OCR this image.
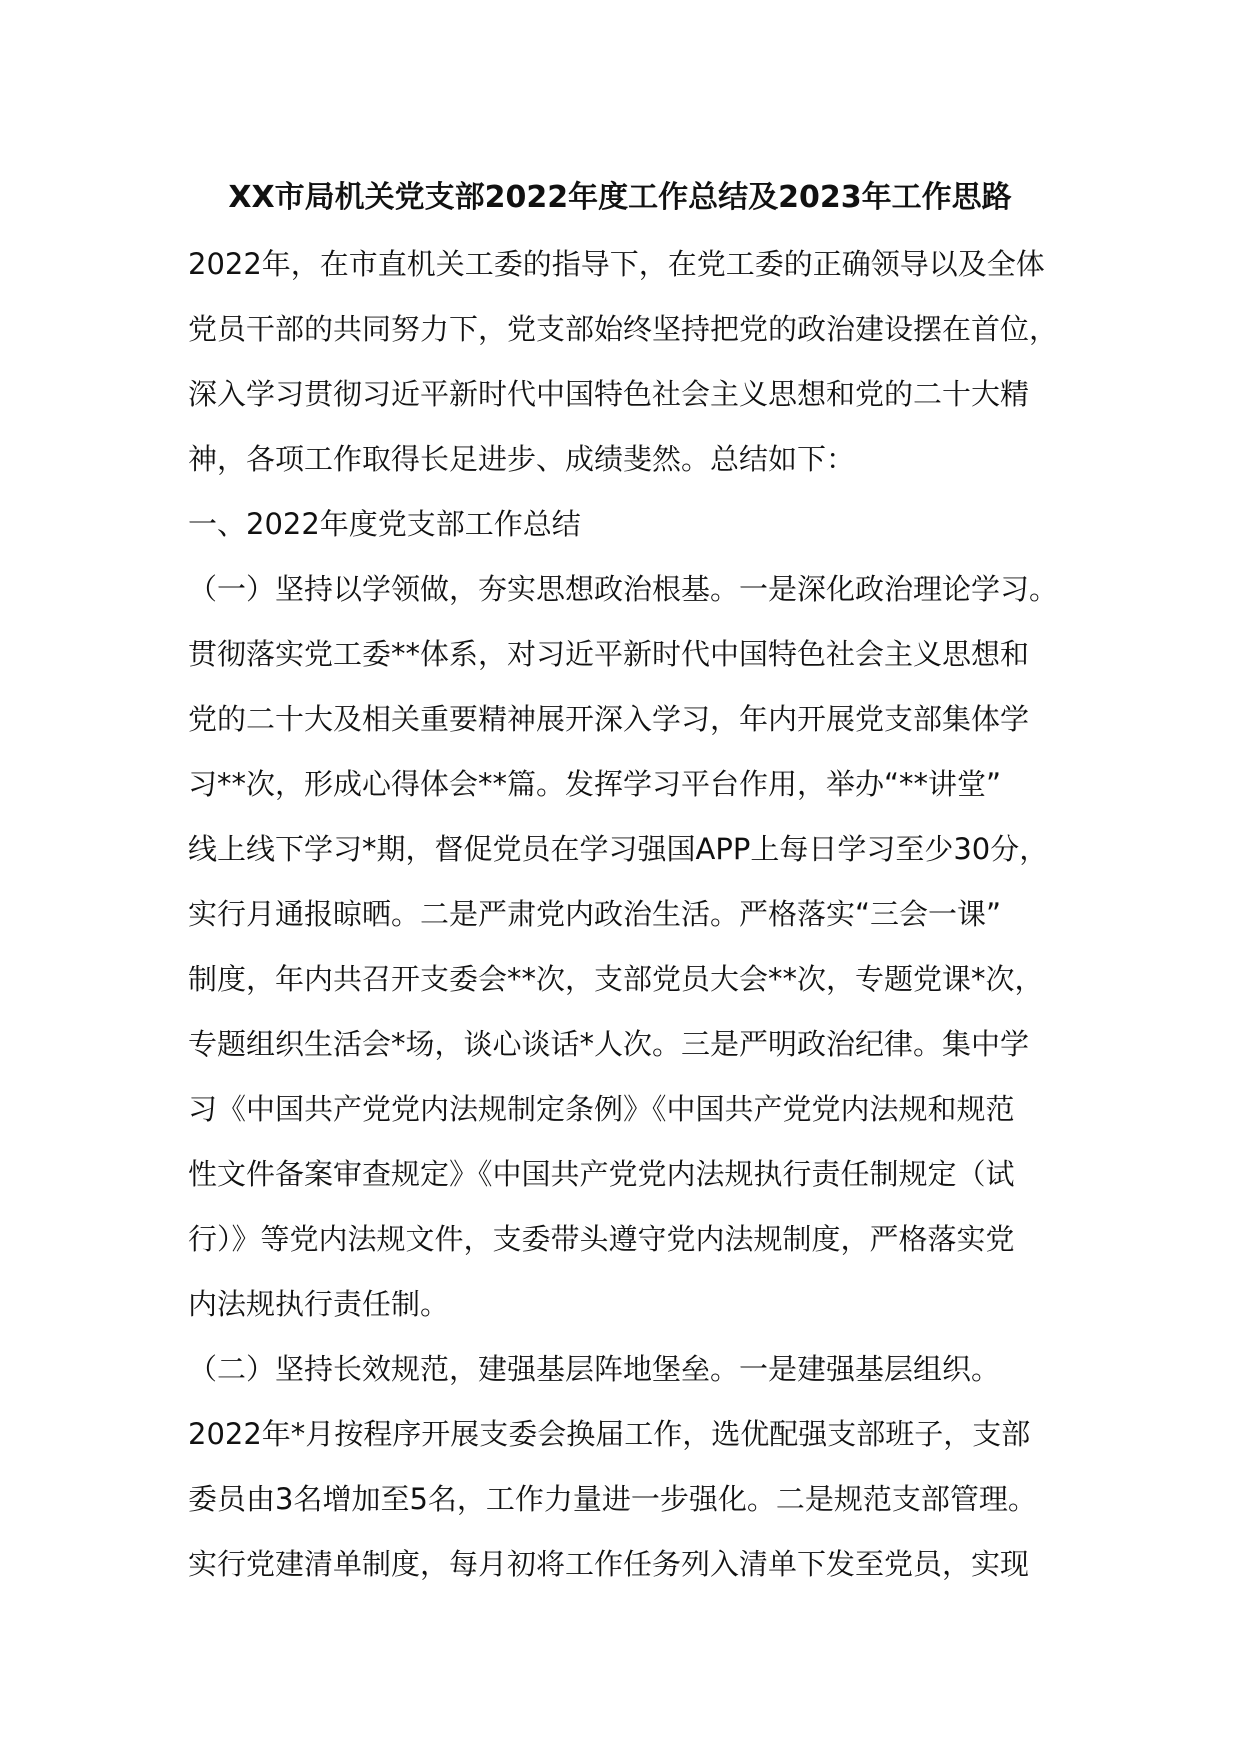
XX市局机关党支部2022年度工作总结及2023年工作思路
2022年，在市直机关工委的指导下，在党工委的正确领导以及全体
党员干部的共同努力下，党支部始终坚持把党的政治建设摆在首位，
深入学习贯彻习近平新时代中国特色社会主义思想和党的二十大精
神，各项工作取得长足进步、成绩斐然。总结如下：
一、2022年度党支部工作总结
（一）坚持以学领做，夯实思想政治根基。一是深化政治理论学习。
贯彻落实党工委**体系，对习近平新时代中国特色社会主义思想和
党的二十大及相关重要精神展开深入学习，年内开展党支部集体学
习**次，形成心得体会**篇。发挥学习平台作用，举办“**讲堂”
线上线下学习*期，督促党员在学习强国APP上每日学习至少30分，
实行月通报晾晒。二是严肃党内政治生活。严格落实“三会一课”
制度，年内共召开支委会**次，支部党员大会**次，专题党课*次，
专题组织生活会*场，谈心谈话*人次。三是严明政治纪律。集中学
习《中国共产党党内法规制定条例》《中国共产党党内法规和规范
性文件备案审查规定》《中国共产党党内法规执行责任制规定（试
行）》等党内法规文件，支委带头遵守党内法规制度，严格落实党
内法规执行责任制。
（二）坚持长效规范，建强基层阵地堡垒。一是建强基层组织。
2022年*月按程序开展支委会换届工作，选优配强支部班子，支部
委员由3名增加至5名，工作力量进一步强化。二是规范支部管理。
实行党建清单制度，每月初将工作任务列入清单下发至党员，实现
